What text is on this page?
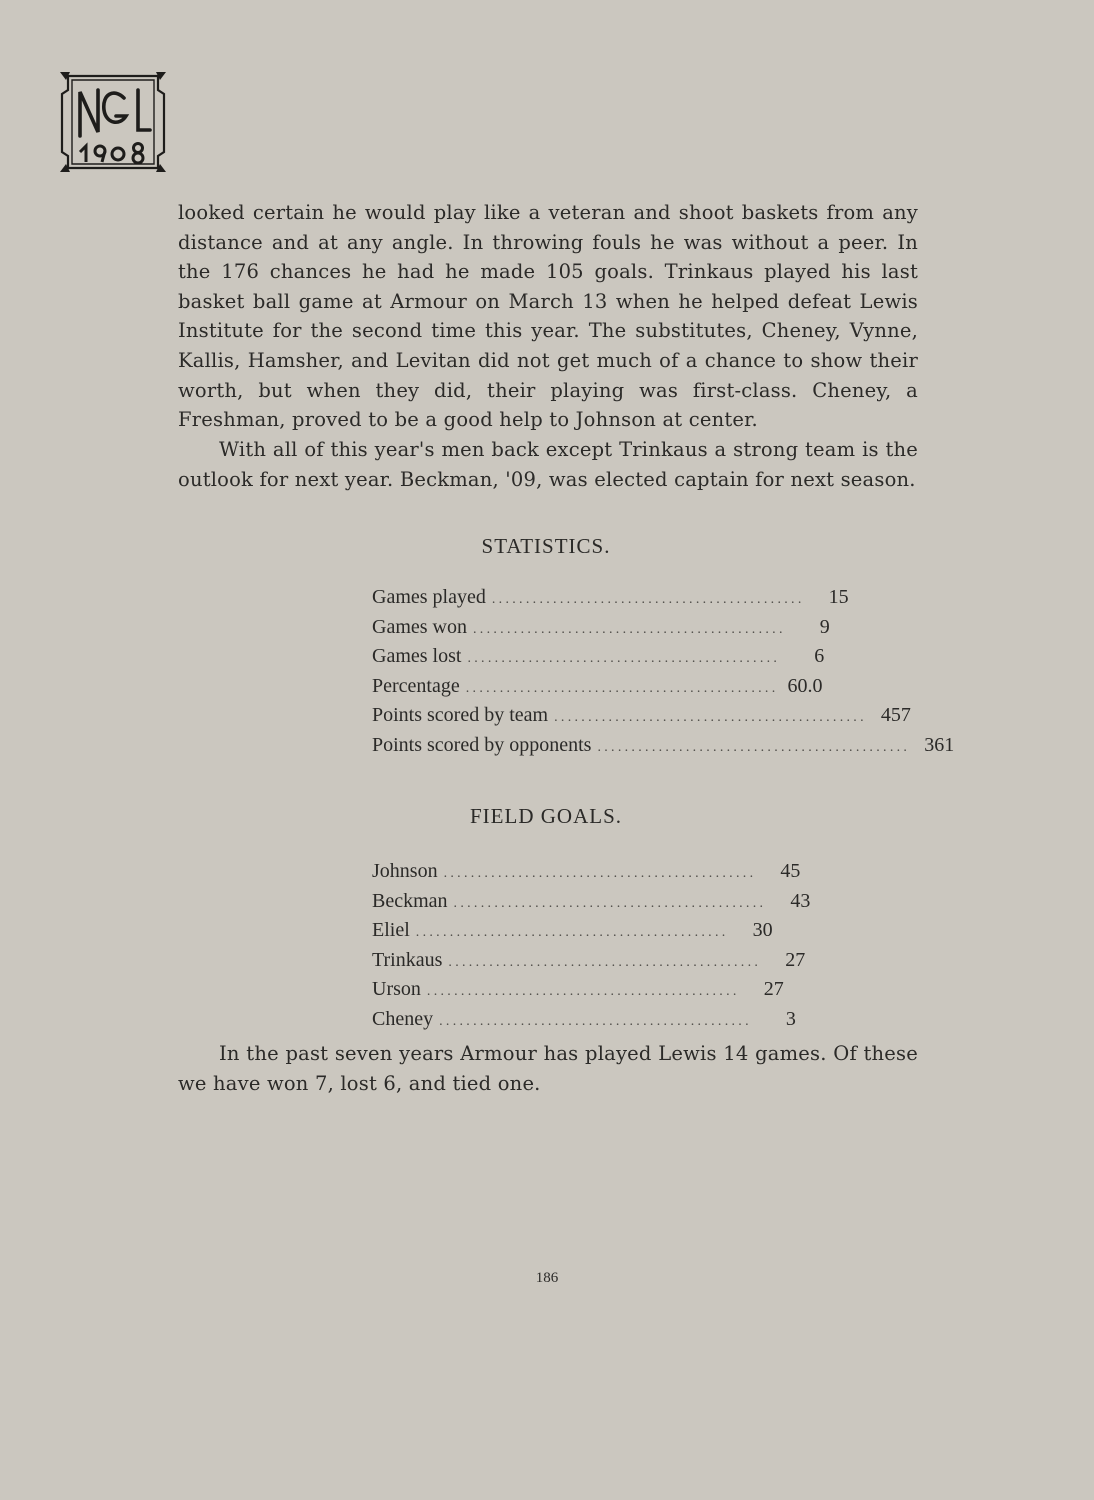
looked certain he would play like a veteran and shoot baskets from any distance and at any angle. In throwing fouls he was without a peer. In the 176 chances he had he made 105 goals. Trinkaus played his last basket ball game at Armour on March 13 when he helped defeat Lewis Institute for the second time this year. The substitutes, Cheney, Vynne, Kallis, Hamsher, and Levitan did not get much of a chance to show their worth, but when they did, their playing was first-class. Cheney, a Freshman, proved to be a good help to Johnson at center.

With all of this year's men back except Trinkaus a strong team is the outlook for next year. Beckman, '09, was elected captain for next season.

STATISTICS.
Games played ..............................................	15
Games won ..............................................	9
Games lost ..............................................	6
Percentage .............................................. 60.0
Points scored by team .............................................. 457
Points scored by opponents .............................................. 361
FIELD GOALS.
Johnson ..............................................	45
Beckman ..............................................	43
Eliel ..............................................	30
Trinkaus ..............................................	27
Urson ..............................................	27
Cheney ..............................................	3

In the past seven years Armour has played Lewis 14 games. Of these we have won 7, lost 6, and tied one.

186
